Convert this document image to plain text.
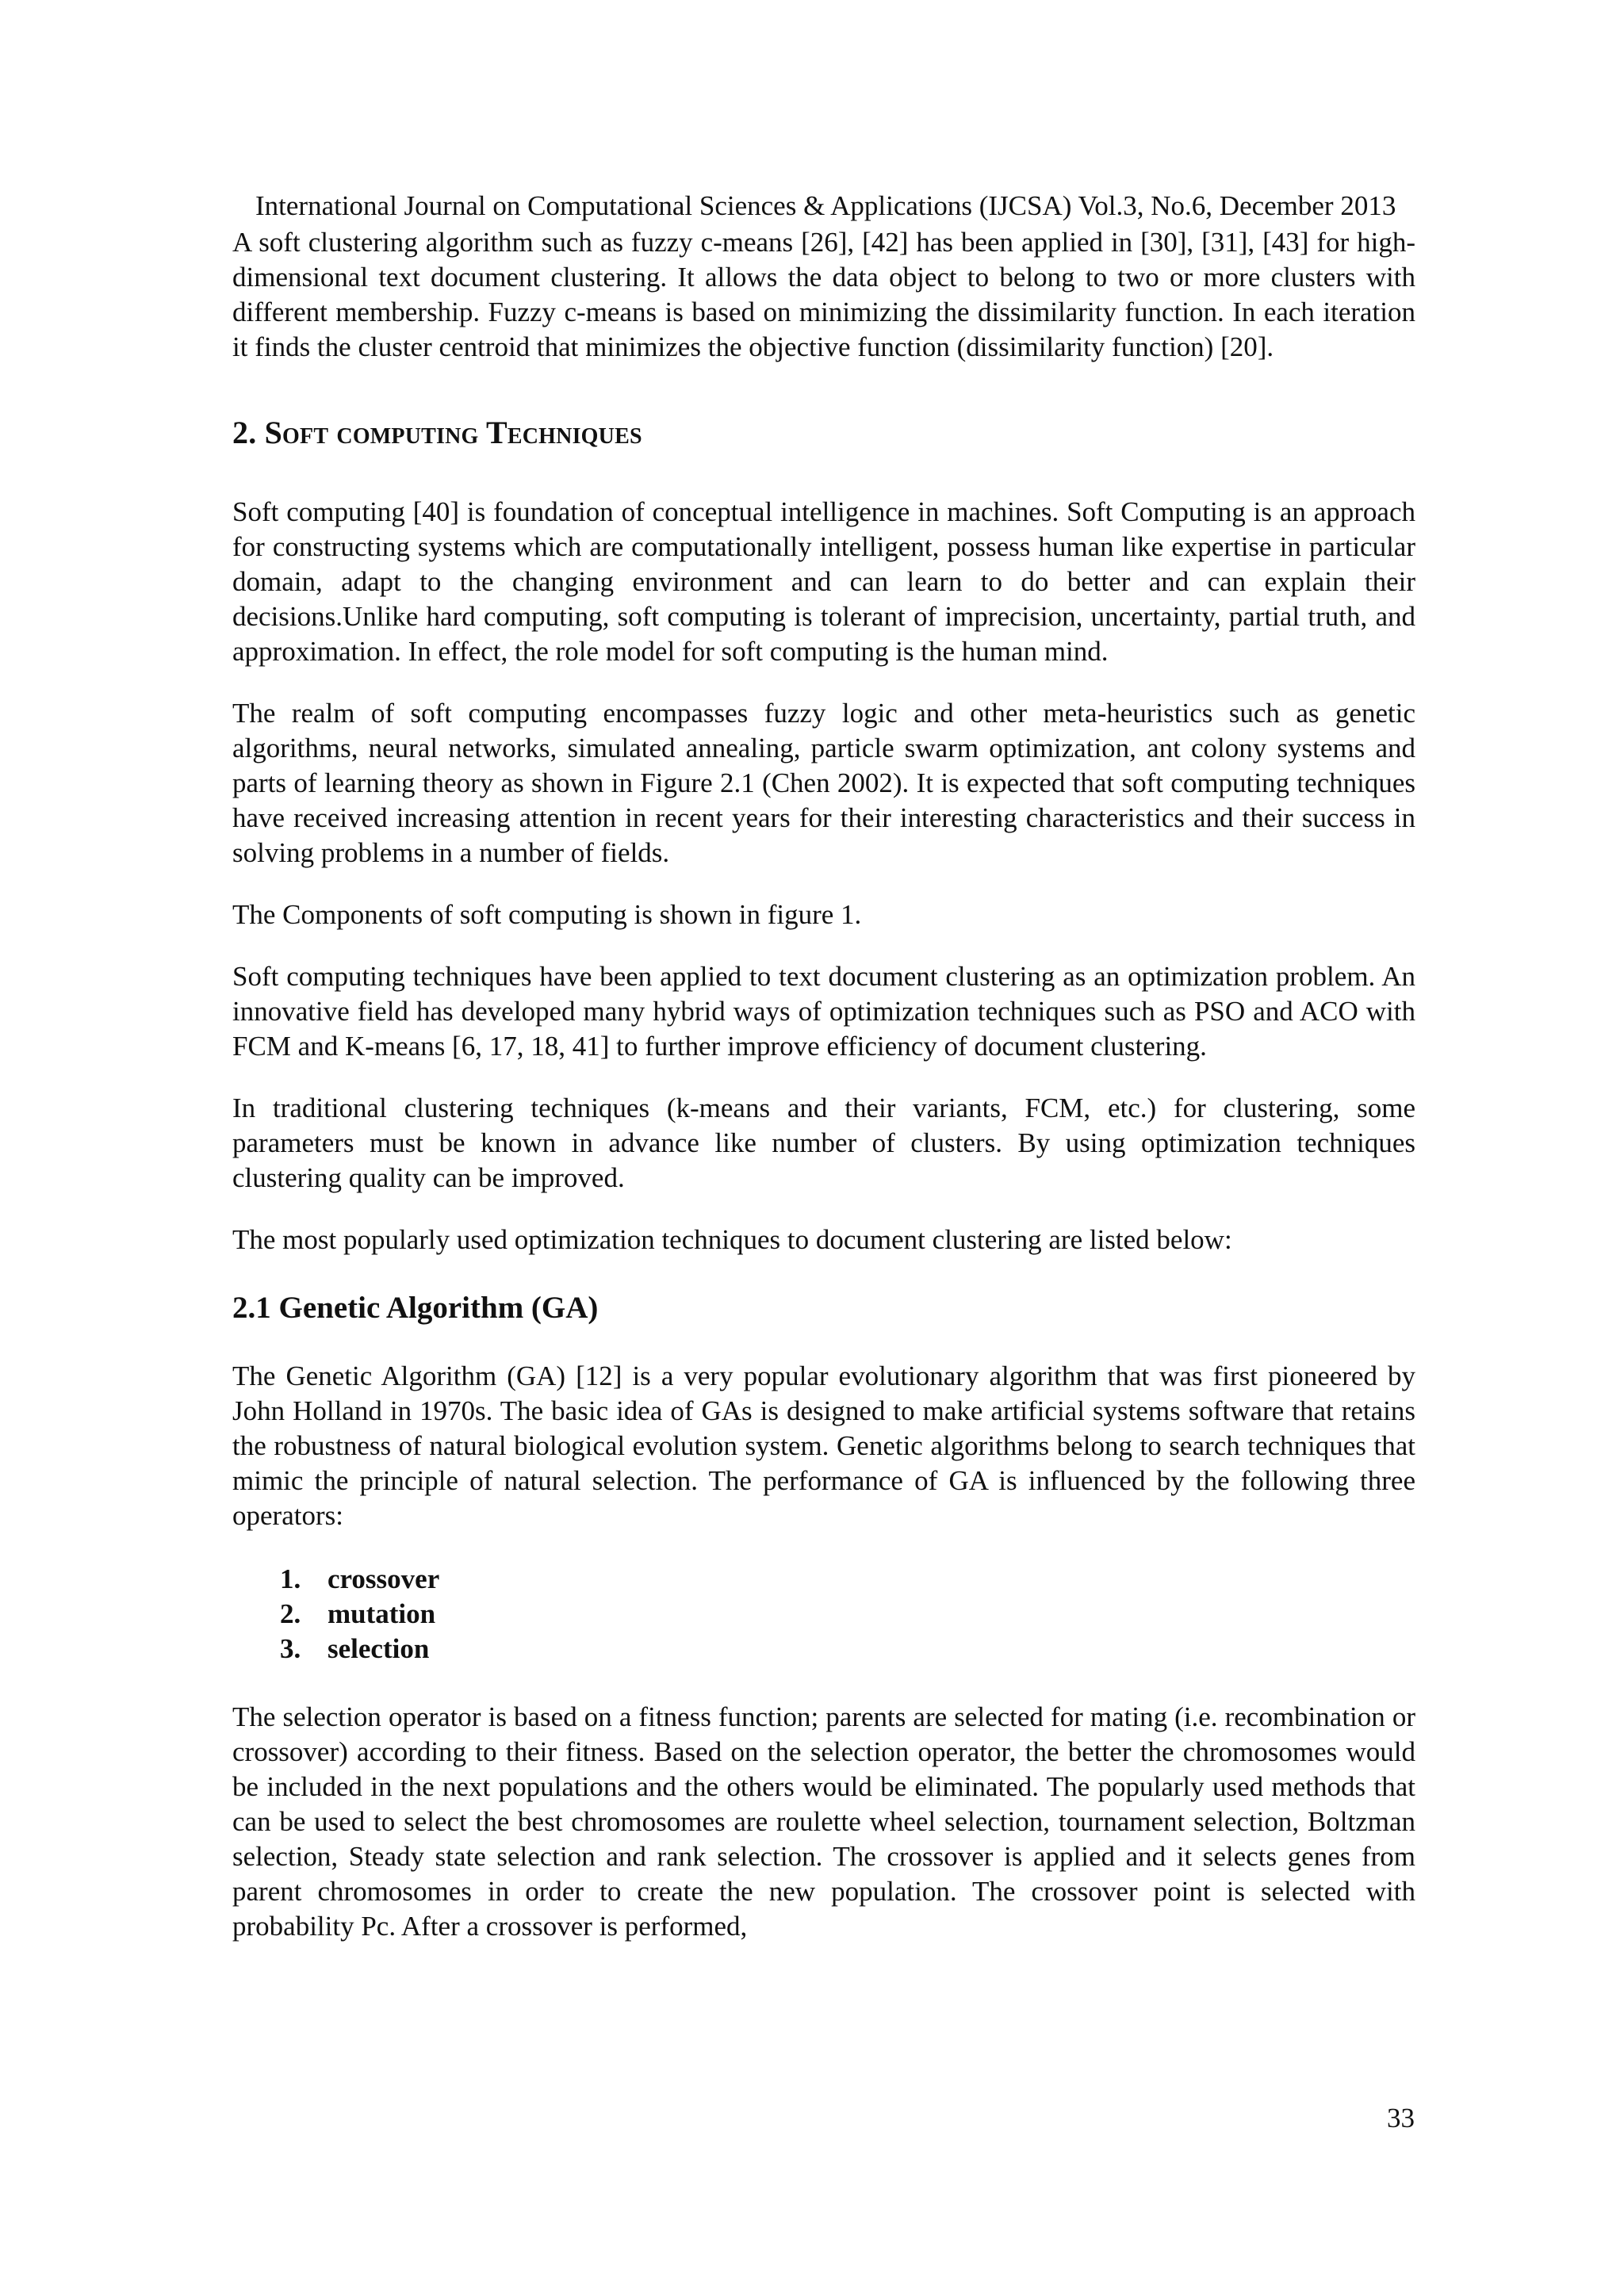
International Journal on Computational Sciences & Applications (IJCSA) Vol.3, No.6, December 2013

A soft clustering algorithm such as fuzzy c-means [26], [42] has been applied in [30], [31], [43] for high-dimensional text document clustering. It allows the data object to belong to two or more clusters with different membership. Fuzzy c-means is based on minimizing the dissimilarity function. In each iteration it finds the cluster centroid that minimizes the objective function (dissimilarity function) [20].

2. Soft computing Techniques

Soft computing [40] is foundation of conceptual intelligence in machines. Soft Computing is an approach for constructing systems which are computationally intelligent, possess human like expertise in particular domain, adapt to the changing environment and can learn to do better and can explain their decisions.Unlike hard computing, soft computing is tolerant of imprecision, uncertainty, partial truth, and approximation. In effect, the role model for soft computing is the human mind.

The realm of soft computing encompasses fuzzy logic and other meta-heuristics such as genetic algorithms, neural networks, simulated annealing, particle swarm optimization, ant colony systems and parts of learning theory as shown in Figure 2.1 (Chen 2002). It is expected that soft computing techniques have received increasing attention in recent years for their interesting characteristics and their success in solving problems in a number of fields.

The Components of soft computing is shown in figure 1.

Soft computing techniques have been applied to text document clustering as an optimization problem. An innovative field has developed many hybrid ways of optimization techniques such as PSO and ACO with FCM and K-means [6, 17, 18, 41] to further improve efficiency of document clustering.

In traditional clustering techniques (k-means and their variants, FCM, etc.) for clustering, some parameters must be known in advance like number of clusters. By using optimization techniques clustering quality can be improved.

The most popularly used optimization techniques to document clustering are listed below:

2.1 Genetic Algorithm (GA)

The Genetic Algorithm (GA) [12] is a very popular evolutionary algorithm that was first pioneered by John Holland in 1970s. The basic idea of GAs is designed to make artificial systems software that retains the robustness of natural biological evolution system. Genetic algorithms belong to search techniques that mimic the principle of natural selection. The performance of GA is influenced by the following three operators:

1. crossover
2. mutation
3. selection

The selection operator is based on a fitness function; parents are selected for mating (i.e. recombination or crossover) according to their fitness. Based on the selection operator, the better the chromosomes would be included in the next populations and the others would be eliminated. The popularly used methods that can be used to select the best chromosomes are roulette wheel selection, tournament selection, Boltzman selection, Steady state selection and rank selection. The crossover is applied and it selects genes from parent chromosomes in order to create the new population. The crossover point is selected with probability Pc. After a crossover is performed,

33
